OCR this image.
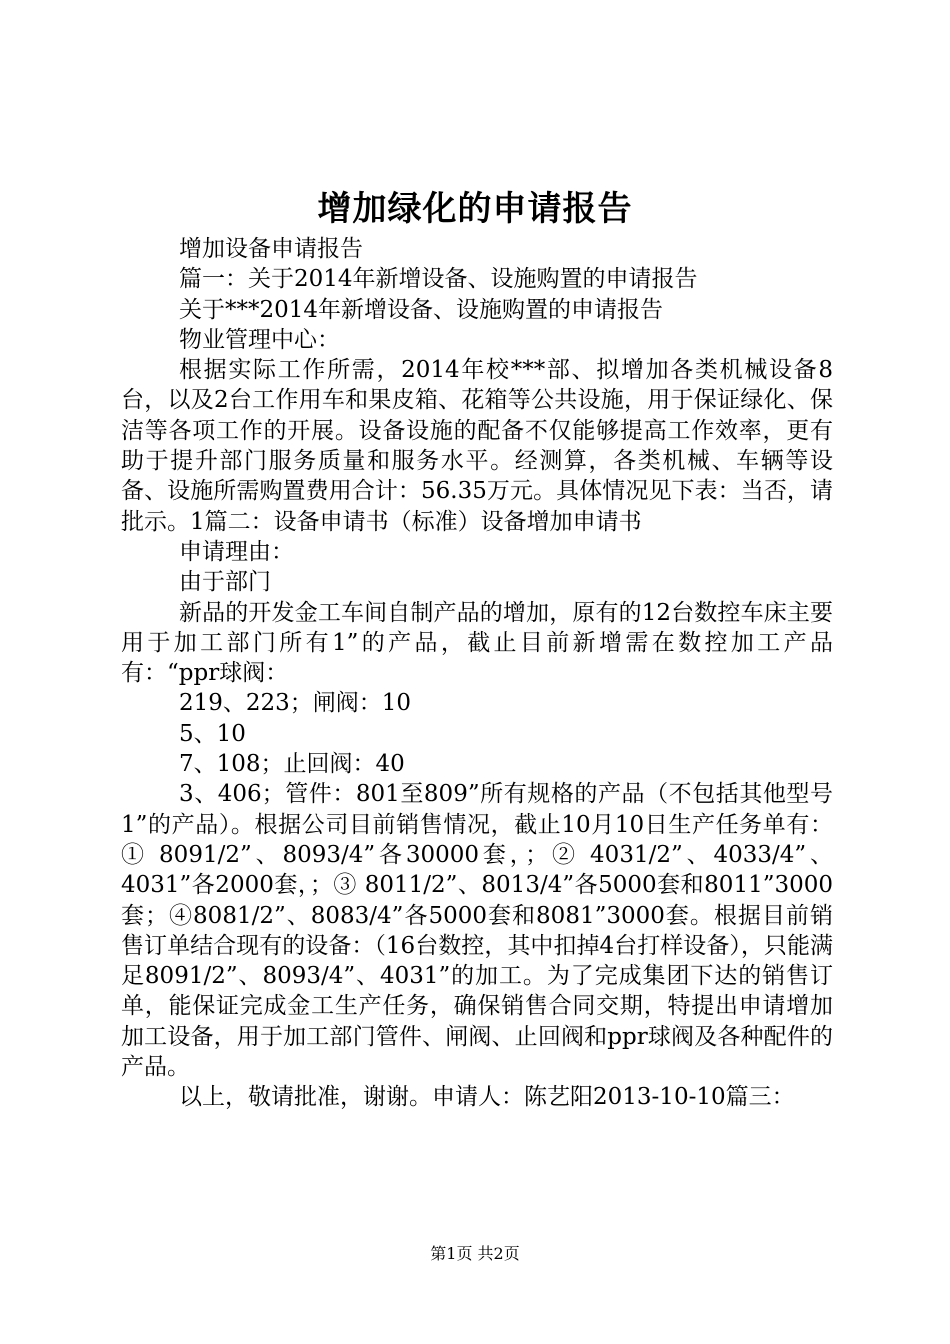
增加绿化的申请报告

增加设备申请报告

篇一：关于2014年新增设备、设施购置的申请报告

关于***2014年新增设备、设施购置的申请报告

物业管理中心：

根据实际工作所需，2014年校***部、拟增加各类机械设备8台，以及2台工作用车和果皮箱、花箱等公共设施，用于保证绿化、保洁等各项工作的开展。设备设施的配备不仅能够提高工作效率，更有助于提升部门服务质量和服务水平。经测算，各类机械、车辆等设备、设施所需购置费用合计：56.35万元。具体情况见下表：当否，请批示。1篇二：设备申请书（标准）设备增加申请书

申请理由：

由于部门

新品的开发金工车间自制产品的增加，原有的12台数控车床主要用于加工部门所有1”的产品，截止目前新增需在数控加工产品有：“ppr球阀：

219、223；闸阀：10

5、10

7、108；止回阀：40

3、406；管件：801至809”所有规格的产品（不包括其他型号1”的产品）。根据公司目前销售情况，截止10月10日生产任务单有：① 8091/2”、8093/4”各30000套，；② 4031/2”、4033/4”、4031”各2000套，；③ 8011/2”、8013/4”各5000套和8011”3000套；④8081/2”、8083/4”各5000套和8081”3000套。根据目前销售订单结合现有的设备：（16台数控，其中扣掉4台打样设备），只能满足8091/2”、8093/4”、4031”的加工。为了完成集团下达的销售订单，能保证完成金工生产任务，确保销售合同交期，特提出申请增加加工设备，用于加工部门管件、闸阀、止回阀和ppr球阀及各种配件的产品。

以上，敬请批准，谢谢。申请人：陈艺阳2013-10-10篇三：

第1页 共2页
